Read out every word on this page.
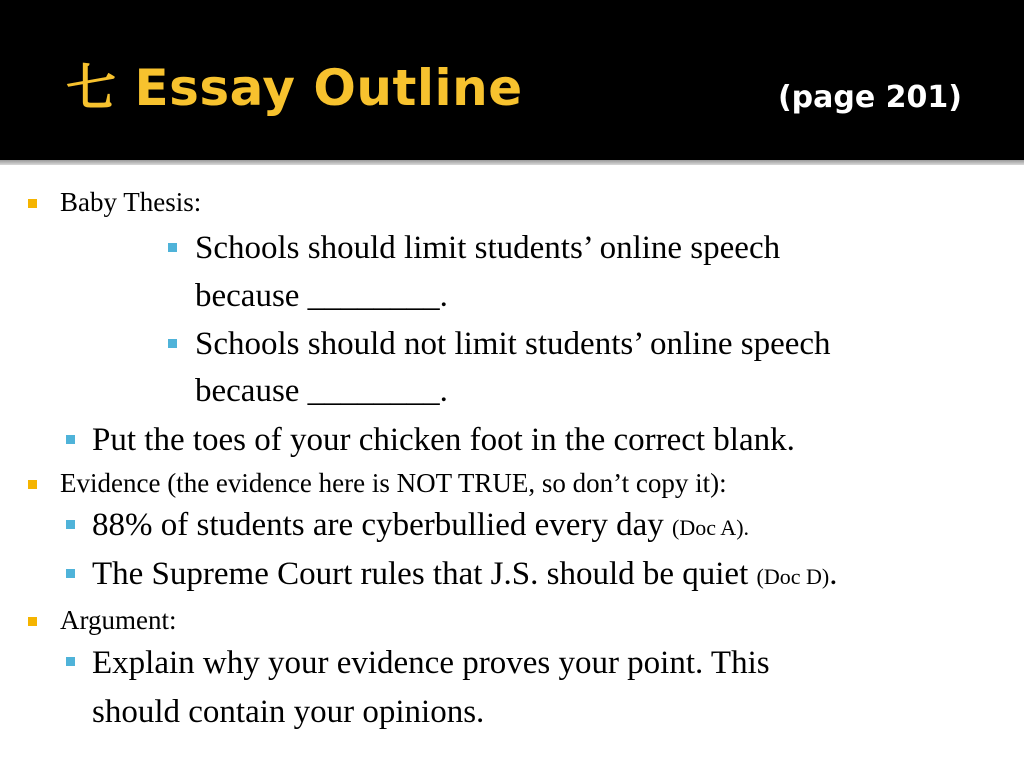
七 Essay Outline	(page 201)
Baby Thesis:
Schools should limit students’ online speech
because ________.
Schools should not limit students’ online speech
because ________.
Put the toes of your chicken foot in the correct blank.
Evidence (the evidence here is NOT TRUE, so don’t copy it):
88% of students are cyberbullied every day (Doc A).
The Supreme Court rules that J.S. should be quiet (Doc D).
Argument:
Explain why your evidence proves your point. This
should contain your opinions.
